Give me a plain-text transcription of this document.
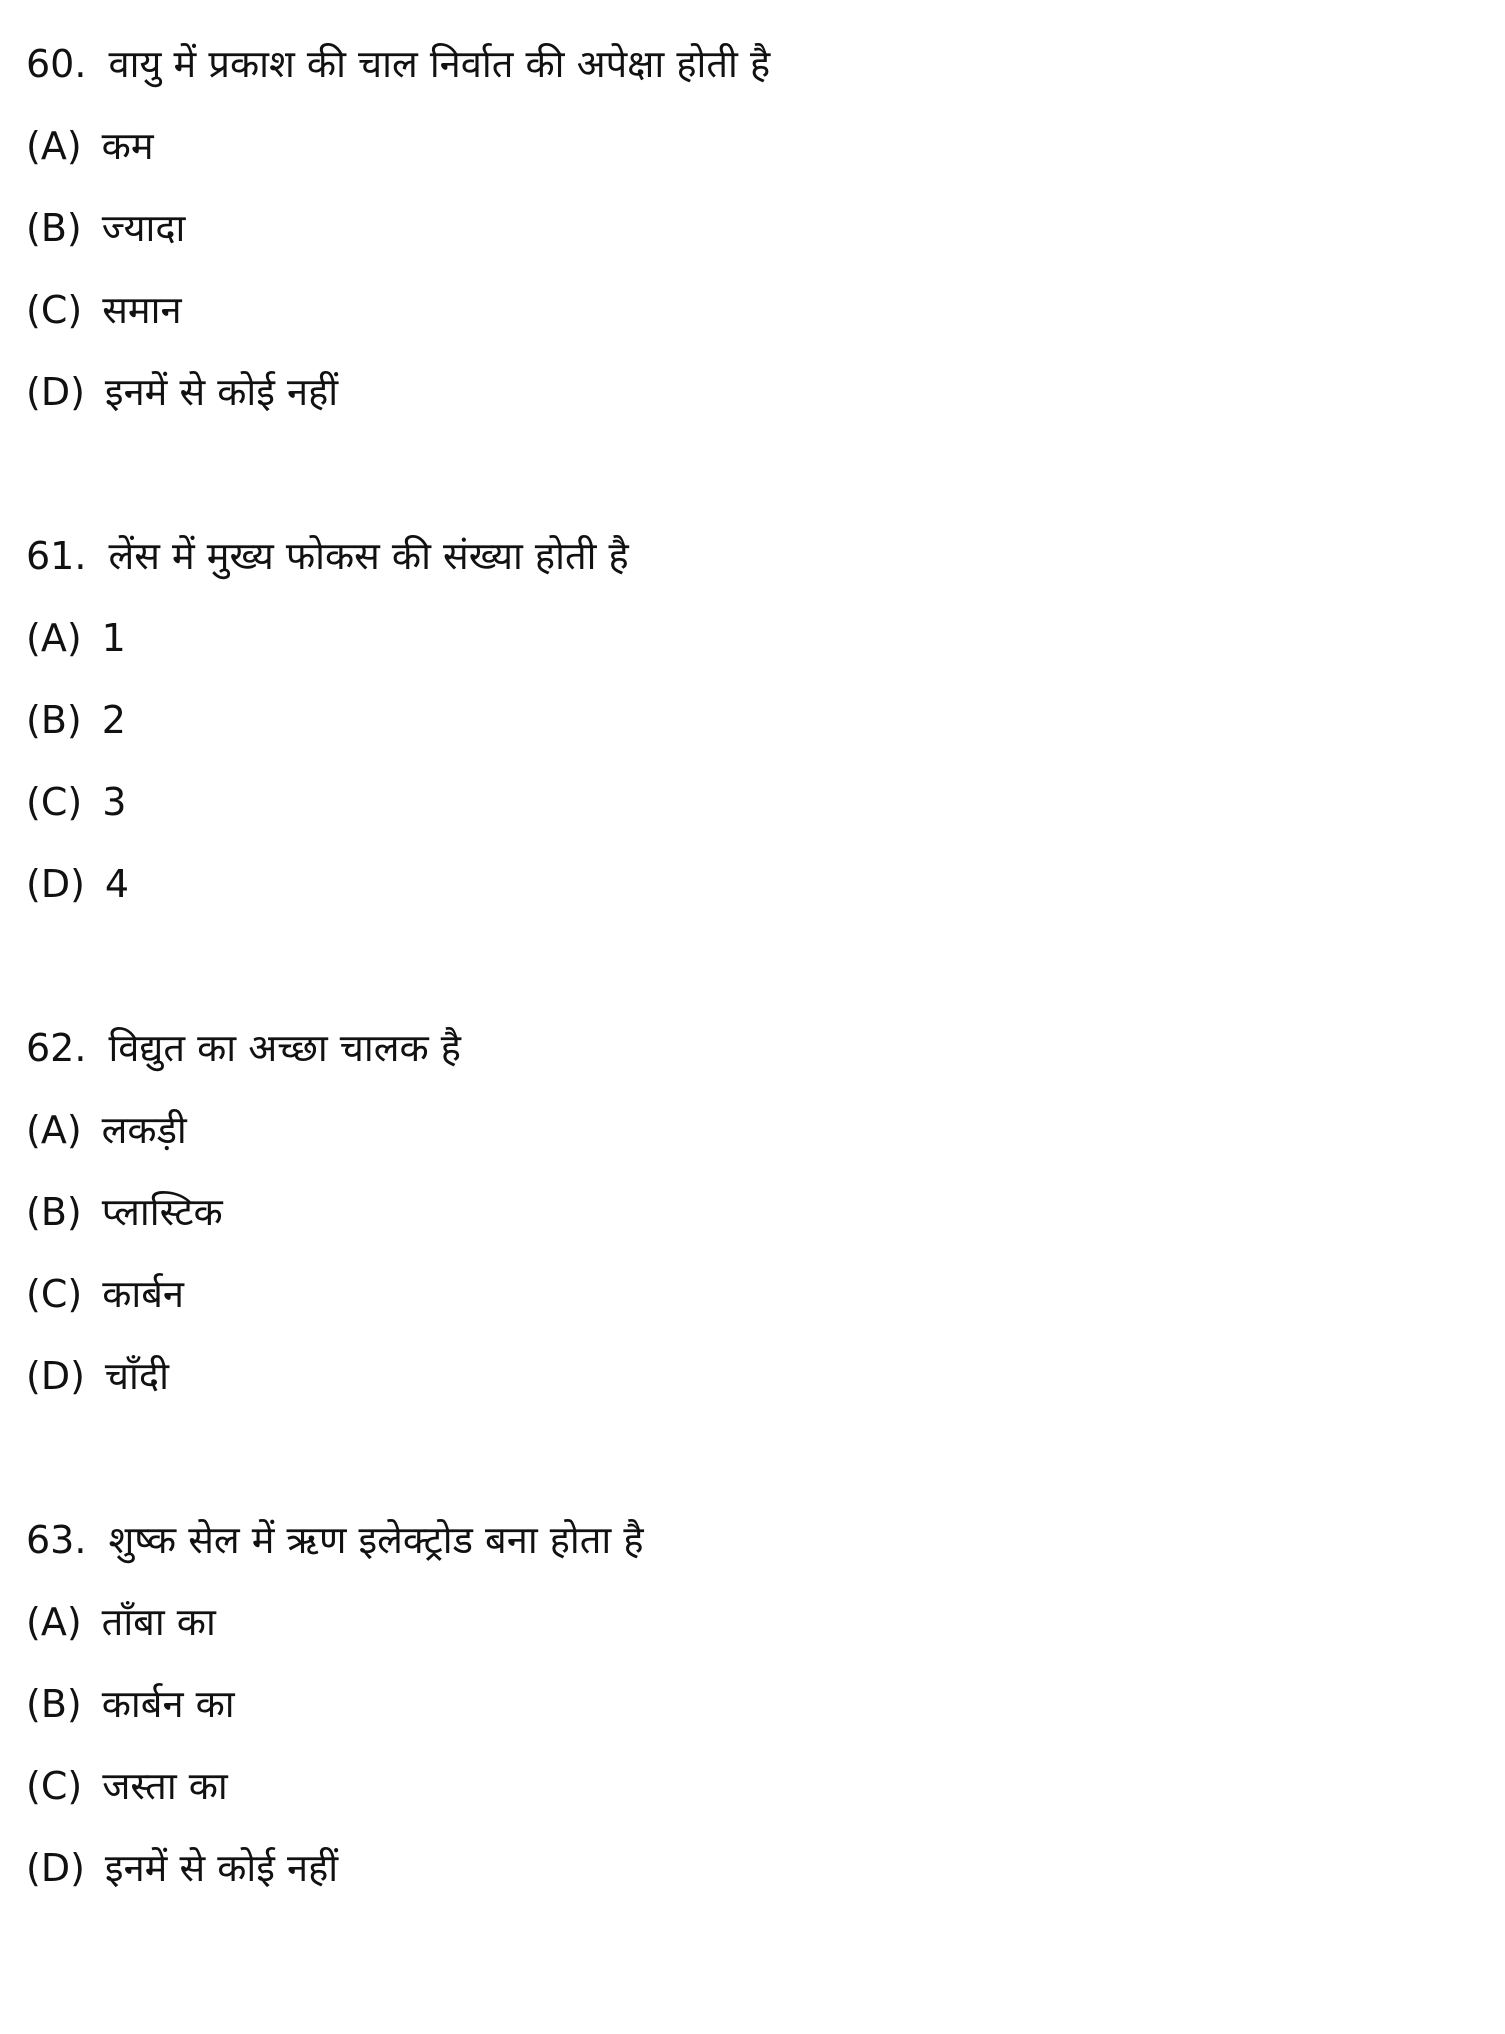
60. वायु में प्रकाश की चाल निर्वात की अपेक्षा होती है
(A) कम
(B) ज्यादा
(C) समान
(D) इनमें से कोई नहीं
61. लेंस में मुख्य फोकस की संख्या होती है
(A) 1
(B) 2
(C) 3
(D) 4
62. विद्युत का अच्छा चालक है
(A) लकड़ी
(B) प्लास्टिक
(C) कार्बन
(D) चाँदी
63. शुष्क सेल में ऋण इलेक्ट्रोड बना होता है
(A) ताँबा का
(B) कार्बन का
(C) जस्ता का
(D) इनमें से कोई नहीं
